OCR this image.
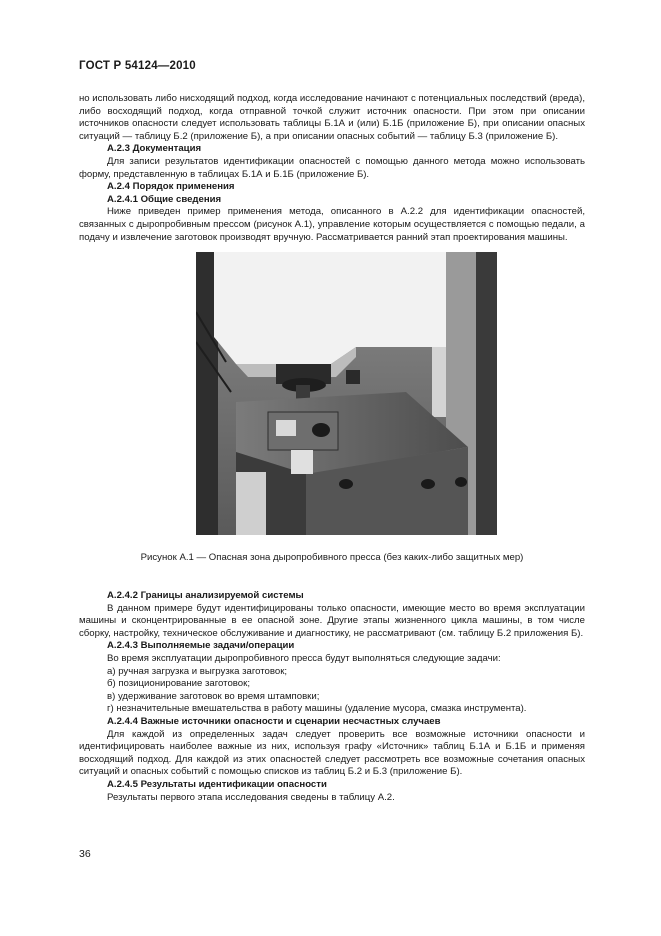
ГОСТ Р 54124—2010

но использовать либо нисходящий подход, когда исследование начинают с потенциальных последствий (вреда), либо восходящий подход, когда отправной точкой служит источник опасности. При этом при описании источников опасности следует использовать таблицы Б.1А и (или) Б.1Б (приложение Б), при описании опасных ситуаций — таблицу Б.2 (приложение Б), а при описании опасных событий — таблицу Б.3 (приложение Б).

А.2.3 Документация

Для записи результатов идентификации опасностей с помощью данного метода можно использовать форму, представленную в таблицах Б.1А и Б.1Б (приложение Б).

А.2.4 Порядок применения

А.2.4.1 Общие сведения

Ниже приведен пример применения метода, описанного в А.2.2 для идентификации опасностей, связанных с дыропробивным прессом (рисунок А.1), управление которым осуществляется с помощью педали, а подачу и извлечение заготовок производят вручную. Рассматривается ранний этап проектирования машины.

Рисунок А.1 — Опасная зона дыропробивного пресса (без каких-либо защитных мер)

А.2.4.2 Границы анализируемой системы

В данном примере будут идентифицированы только опасности, имеющие место во время эксплуатации машины и сконцентрированные в ее опасной зоне. Другие этапы жизненного цикла машины, в том числе сборку, настройку, техническое обслуживание и диагностику, не рассматривают (см. таблицу Б.2 приложения Б).

А.2.4.3 Выполняемые задачи/операции

Во время эксплуатации дыропробивного пресса будут выполняться следующие задачи:

а) ручная загрузка и выгрузка заготовок;

б) позиционирование заготовок;

в) удерживание заготовок во время штамповки;

г) незначительные вмешательства в работу машины (удаление мусора, смазка инструмента).

А.2.4.4 Важные источники опасности и сценарии несчастных случаев

Для каждой из определенных задач следует проверить все возможные источники опасности и идентифицировать наиболее важные из них, используя графу «Источник» таблиц Б.1А и Б.1Б и применяя восходящий подход. Для каждой из этих опасностей следует рассмотреть все возможные сочетания опасных ситуаций и опасных событий с помощью списков из таблиц Б.2 и Б.3 (приложение Б).

А.2.4.5 Результаты идентификации опасности

Результаты первого этапа исследования сведены в таблицу А.2.

36
